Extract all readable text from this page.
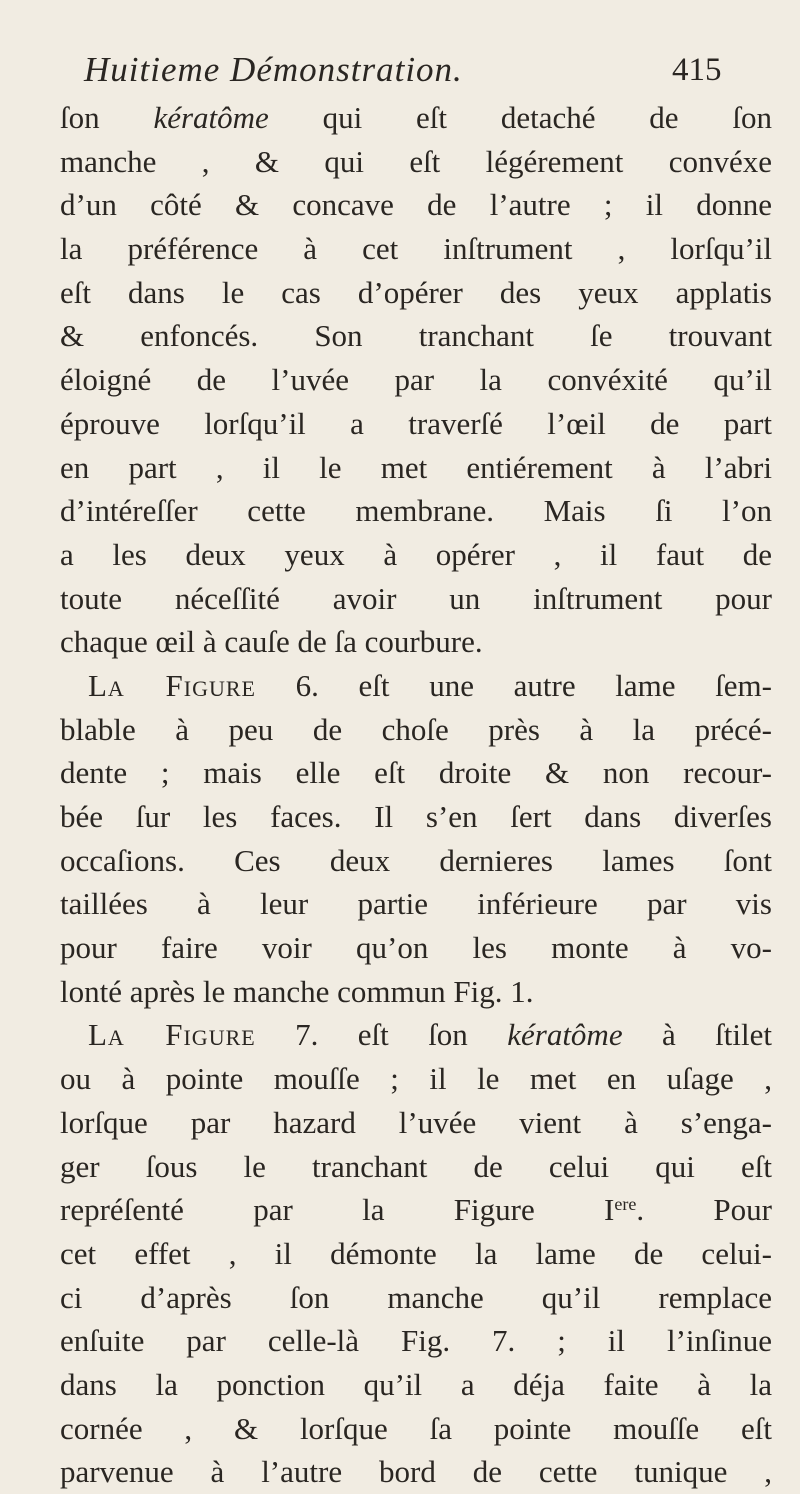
Huitieme Démonstration.	415
ſon kératôme qui eſt detaché de ſon
manche , & qui eſt légérement convéxe
d’un côté & concave de l’autre ; il donne
la préférence à cet inſtrument , lorſqu’il
eſt dans le cas d’opérer des yeux applatis
& enfoncés. Son tranchant ſe trouvant
éloigné de l’uvée par la convéxité qu’il
éprouve lorſqu’il a traverſé l’œil de part
en part , il le met entiérement à l’abri
d’intéreſſer cette membrane. Mais ſi l’on
a les deux yeux à opérer , il faut de
toute néceſſité avoir un inſtrument pour
chaque œil à cauſe de ſa courbure.
La Figure 6. eſt une autre lame ſem-
blable à peu de choſe près à la précé-
dente ; mais elle eſt droite & non recour-
bée ſur les faces. Il s’en ſert dans diverſes
occaſions. Ces deux dernieres lames ſont
taillées à leur partie inférieure par vis
pour faire voir qu’on les monte à vo-
lonté après le manche commun Fig. 1.
La Figure 7. eſt ſon kératôme à ſtilet
ou à pointe mouſſe ; il le met en uſage ,
lorſque par hazard l’uvée vient à s’enga-
ger ſous le tranchant de celui qui eſt
repréſenté par la Figure Iere. Pour
cet effet , il démonte la lame de celui-
ci d’après ſon manche qu’il remplace
enſuite par celle-là Fig. 7. ; il l’inſinue
dans la ponction qu’il a déja faite à la
cornée , & lorſque ſa pointe mouſſe eſt
parvenue à l’autre bord de cette tunique ,
